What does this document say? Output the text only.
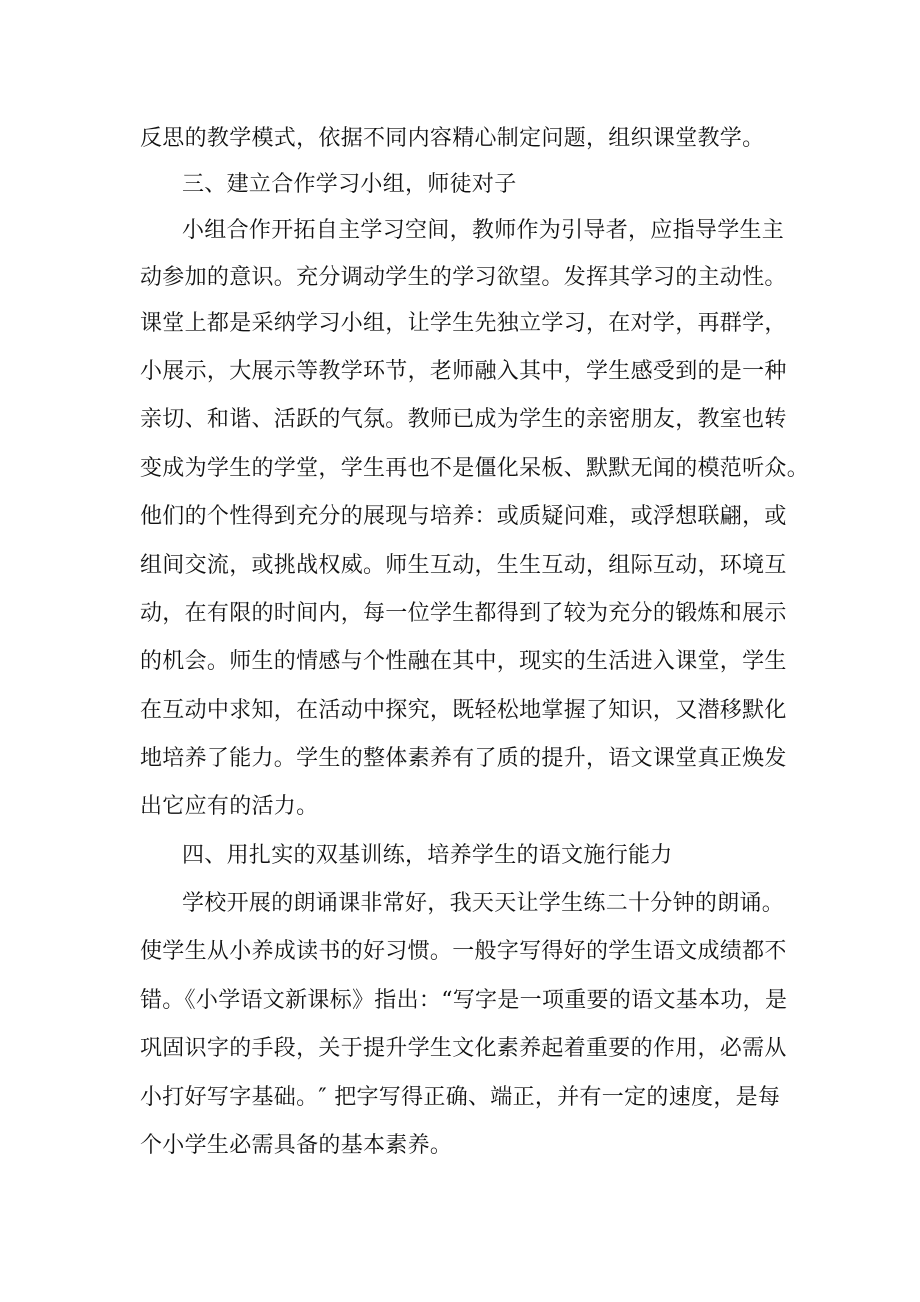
反思的教学模式，依据不同内容精心制定问题，组织课堂教学。
三、建立合作学习小组，师徒对子
小组合作开拓自主学习空间，教师作为引导者，应指导学生主
动参加的意识。充分调动学生的学习欲望。发挥其学习的主动性。
课堂上都是采纳学习小组，让学生先独立学习，在对学，再群学，
小展示，大展示等教学环节，老师融入其中，学生感受到的是一种
亲切、和谐、活跃的气氛。教师已成为学生的亲密朋友，教室也转
变成为学生的学堂，学生再也不是僵化呆板、默默无闻的模范听众。
他们的个性得到充分的展现与培养：或质疑问难，或浮想联翩，或
组间交流，或挑战权威。师生互动，生生互动，组际互动，环境互
动，在有限的时间内，每一位学生都得到了较为充分的锻炼和展示
的机会。师生的情感与个性融在其中，现实的生活进入课堂，学生
在互动中求知，在活动中探究，既轻松地掌握了知识，又潜移默化
地培养了能力。学生的整体素养有了质的提升，语文课堂真正焕发
出它应有的活力。
四、用扎实的双基训练，培养学生的语文施行能力
学校开展的朗诵课非常好，我天天让学生练二十分钟的朗诵。
使学生从小养成读书的好习惯。一般字写得好的学生语文成绩都不
错。《小学语文新课标》指出：“写字是一项重要的语文基本功，是
巩固识字的手段，关于提升学生文化素养起着重要的作用，必需从
小打好写字基础。″ 把字写得正确、端正，并有一定的速度，是每
个小学生必需具备的基本素养。
